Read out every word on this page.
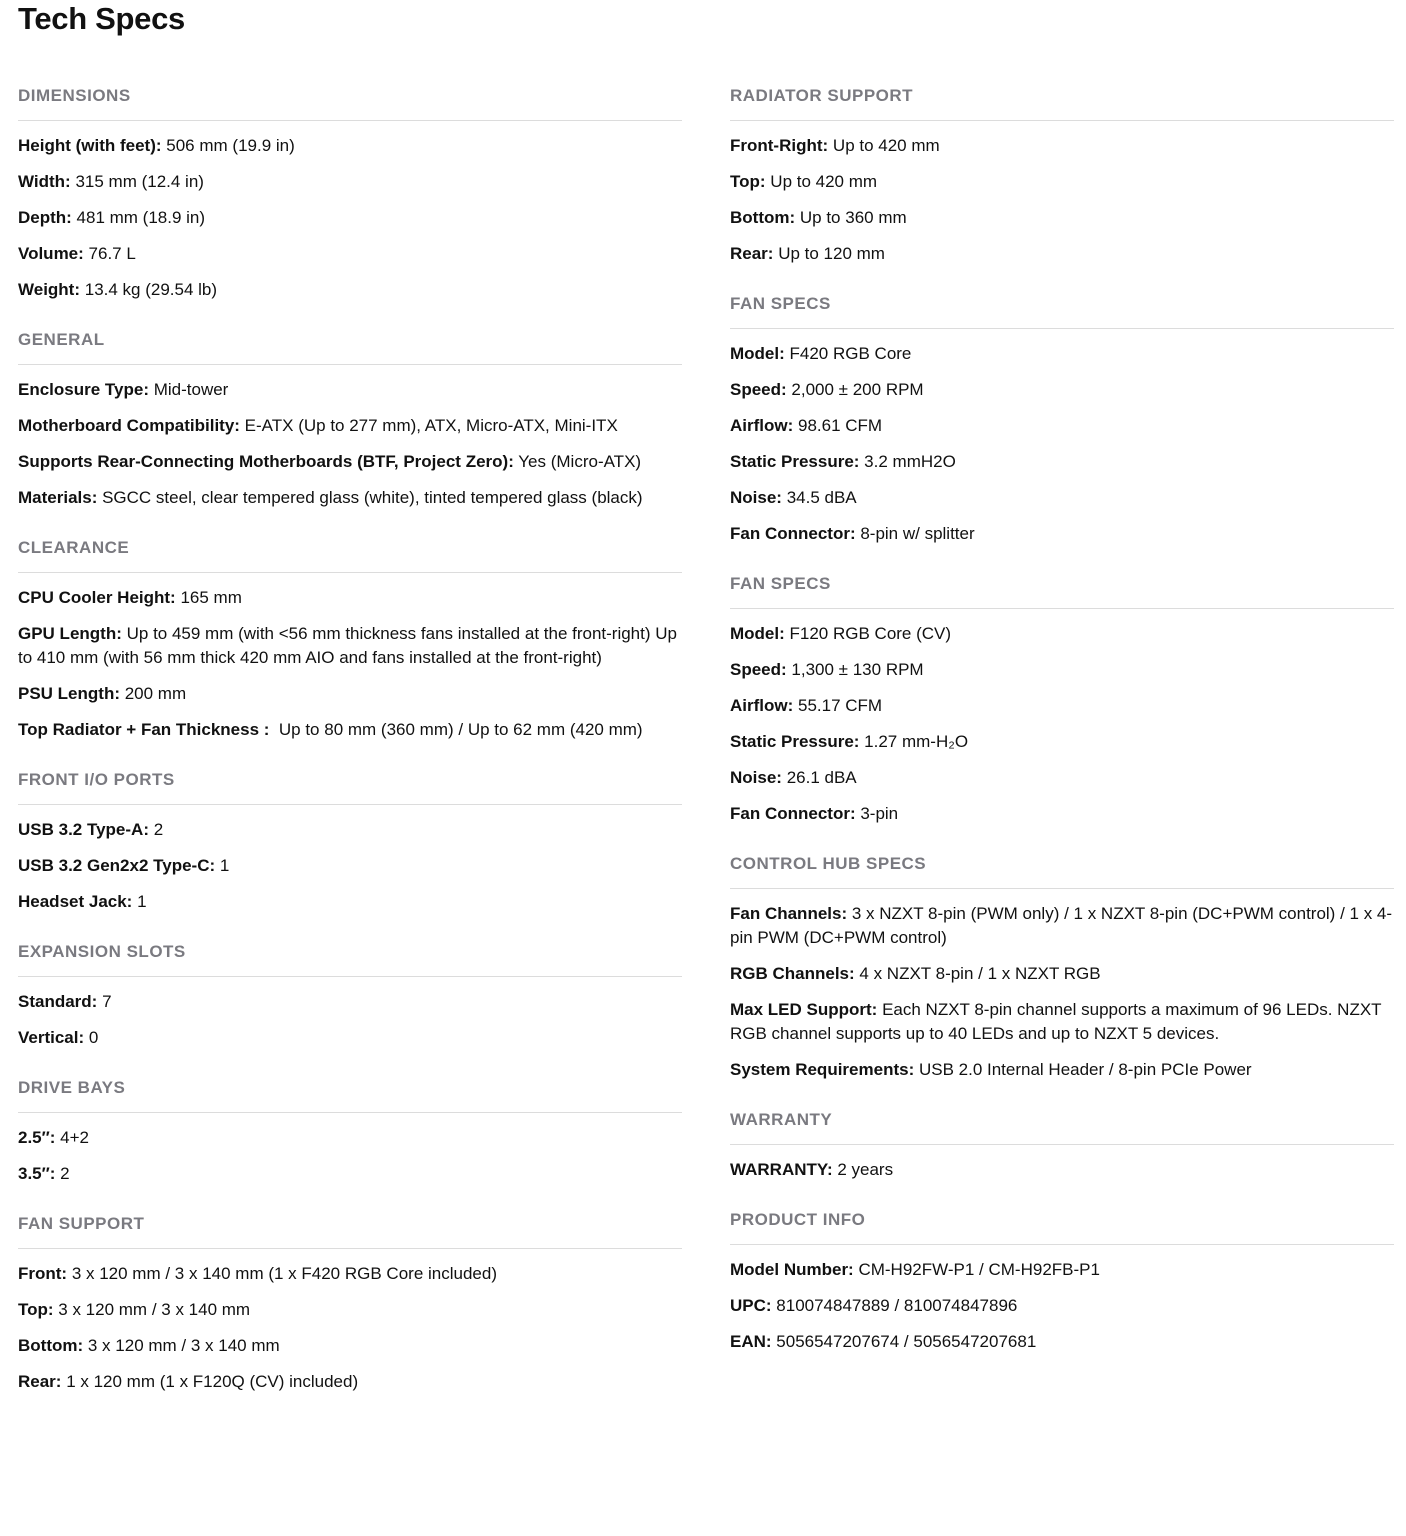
Tech Specs
DIMENSIONS
Height (with feet): 506 mm (19.9 in)
Width: 315 mm (12.4 in)
Depth: 481 mm (18.9 in)
Volume: 76.7 L
Weight: 13.4 kg (29.54 lb)
GENERAL
Enclosure Type: Mid-tower
Motherboard Compatibility: E-ATX (Up to 277 mm), ATX, Micro-ATX, Mini-ITX
Supports Rear-Connecting Motherboards (BTF, Project Zero): Yes (Micro-ATX)
Materials: SGCC steel, clear tempered glass (white), tinted tempered glass (black)
CLEARANCE
CPU Cooler Height: 165 mm
GPU Length: Up to 459 mm (with <56 mm thickness fans installed at the front-right) Up to 410 mm (with 56 mm thick 420 mm AIO and fans installed at the front-right)
PSU Length: 200 mm
Top Radiator + Fan Thickness :  Up to 80 mm (360 mm) / Up to 62 mm (420 mm)
FRONT I/O PORTS
USB 3.2 Type-A: 2
USB 3.2 Gen2x2 Type-C: 1
Headset Jack: 1
EXPANSION SLOTS
Standard: 7
Vertical: 0
DRIVE BAYS
2.5″: 4+2
3.5″: 2
FAN SUPPORT
Front: 3 x 120 mm / 3 x 140 mm (1 x F420 RGB Core included)
Top: 3 x 120 mm / 3 x 140 mm
Bottom: 3 x 120 mm / 3 x 140 mm
Rear: 1 x 120 mm (1 x F120Q (CV) included)
RADIATOR SUPPORT
Front-Right: Up to 420 mm
Top: Up to 420 mm
Bottom: Up to 360 mm
Rear: Up to 120 mm
FAN SPECS
Model: F420 RGB Core
Speed: 2,000 ± 200 RPM
Airflow: 98.61 CFM
Static Pressure: 3.2 mmH2O
Noise: 34.5 dBA
Fan Connector: 8-pin w/ splitter
FAN SPECS
Model: F120 RGB Core (CV)
Speed: 1,300 ± 130 RPM
Airflow: 55.17 CFM
Static Pressure: 1.27 mm-H₂O
Noise: 26.1 dBA
Fan Connector: 3-pin
CONTROL HUB SPECS
Fan Channels: 3 x NZXT 8-pin (PWM only) / 1 x NZXT 8-pin (DC+PWM control) / 1 x 4-pin PWM (DC+PWM control)
RGB Channels: 4 x NZXT 8-pin / 1 x NZXT RGB
Max LED Support: Each NZXT 8-pin channel supports a maximum of 96 LEDs. NZXT RGB channel supports up to 40 LEDs and up to NZXT 5 devices.
System Requirements: USB 2.0 Internal Header / 8-pin PCIe Power
WARRANTY
WARRANTY: 2 years
PRODUCT INFO
Model Number: CM-H92FW-P1 / CM-H92FB-P1
UPC: 810074847889 / 810074847896
EAN: 5056547207674 / 5056547207681
